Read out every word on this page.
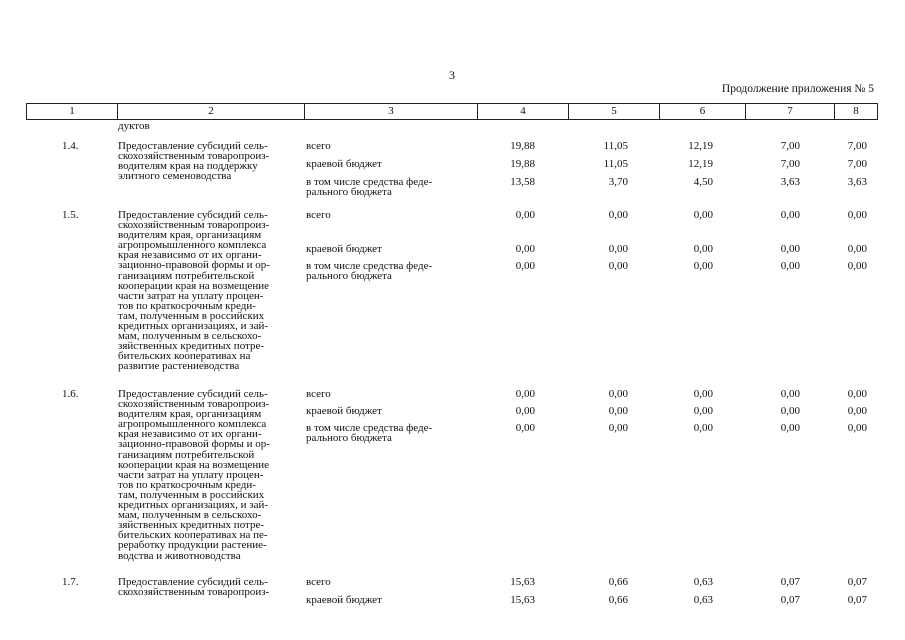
3
Продолжение приложения № 5
1	2	3	4	5	6	7	8
дуктов
1.4.	Предоставление субсидий сель-
скохозяйственным товаропроиз-
водителям края на поддержку
элитного семеноводства
всего	19,88	11,05	12,19	7,00	7,00
краевой бюджет	19,88	11,05	12,19	7,00	7,00
в том числе средства феде-
рального бюджета
13,58	3,70	4,50	3,63	3,63
1.5.	Предоставление субсидий сель-
скохозяйственным товаропроиз-
водителям края, организациям
агропромышленного комплекса
края независимо от их органи-
зационно-правовой формы и ор-
ганизациям потребительской
кооперации края на возмещение
части затрат на уплату процен-
тов по краткосрочным креди-
там, полученным в российских
кредитных организациях, и зай-
мам, полученным в сельскохо-
зяйственных кредитных потре-
бительских кооперативах на
развитие растениеводства
всего	0,00	0,00	0,00	0,00	0,00
краевой бюджет	0,00	0,00	0,00	0,00	0,00
в том числе средства феде-
рального бюджета
0,00	0,00	0,00	0,00	0,00
1.6.	Предоставление субсидий сель-
скохозяйственным товаропроиз-
водителям края, организациям
агропромышленного комплекса
края независимо от их органи-
зационно-правовой формы и ор-
ганизациям потребительской
кооперации края на возмещение
части затрат на уплату процен-
тов по краткосрочным креди-
там, полученным в российских
кредитных организациях, и зай-
мам, полученным в сельскохо-
зяйственных кредитных потре-
бительских кооперативах на пе-
реработку продукции растение-
водства и животноводства
всего	0,00	0,00	0,00	0,00	0,00
краевой бюджет	0,00	0,00	0,00	0,00	0,00
в том числе средства феде-
рального бюджета
0,00	0,00	0,00	0,00	0,00
1.7.	Предоставление субсидий сель-
скохозяйственным товаропроиз-
всего	15,63	0,66	0,63	0,07	0,07
краевой бюджет	15,63	0,66	0,63	0,07	0,07
